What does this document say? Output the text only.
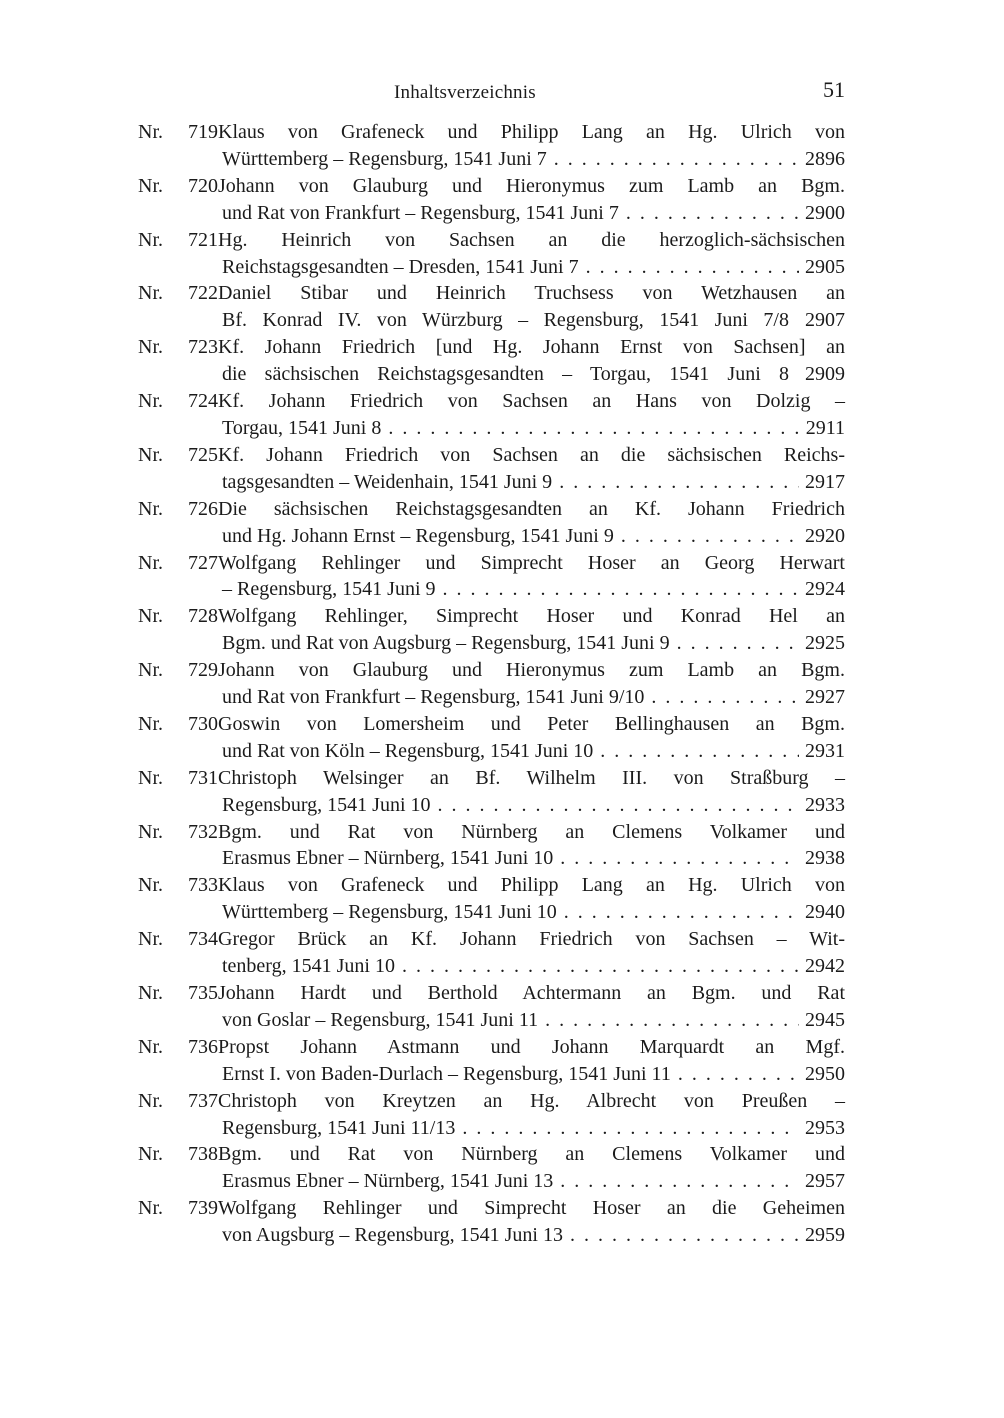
Inhaltsverzeichnis	51
Nr. 719Klaus von Grafeneck und Philipp Lang an Hg. Ulrich von
Württemberg – Regensburg, 1541 Juni 7 .....	2896
Nr. 720Johann von Glauburg und Hieronymus zum Lamb an Bgm.
und Rat von Frankfurt – Regensburg, 1541 Juni 7 .....	2900
Nr. 721Hg. Heinrich von Sachsen an die herzoglich-sächsischen
Reichstagsgesandten – Dresden, 1541 Juni 7 .....	2905
Nr. 722Daniel Stibar und Heinrich Truchsess von Wetzhausen an
Bf. Konrad IV. von Würzburg – Regensburg, 1541 Juni 7/8 2907
Nr. 723Kf. Johann Friedrich [und Hg. Johann Ernst von Sachsen] an
die sächsischen Reichstagsgesandten – Torgau, 1541 Juni 8 2909
Nr. 724Kf. Johann Friedrich von Sachsen an Hans von Dolzig –
Torgau, 1541 Juni 8 .....	2911
Nr. 725Kf. Johann Friedrich von Sachsen an die sächsischen Reichs-
tagsgesandten – Weidenhain, 1541 Juni 9 .....	2917
Nr. 726Die sächsischen Reichstagsgesandten an Kf. Johann Friedrich
und Hg. Johann Ernst – Regensburg, 1541 Juni 9 .....	2920
Nr. 727Wolfgang Rehlinger und Simprecht Hoser an Georg Herwart
– Regensburg, 1541 Juni 9 .....	2924
Nr. 728Wolfgang Rehlinger, Simprecht Hoser und Konrad Hel an
Bgm. und Rat von Augsburg – Regensburg, 1541 Juni 9 .....	2925
Nr. 729Johann von Glauburg und Hieronymus zum Lamb an Bgm.
und Rat von Frankfurt – Regensburg, 1541 Juni 9/10 .....	2927
Nr. 730Goswin von Lomersheim und Peter Bellinghausen an Bgm.
und Rat von Köln – Regensburg, 1541 Juni 10 .....	2931
Nr. 731Christoph Welsinger an Bf. Wilhelm III. von Straßburg –
Regensburg, 1541 Juni 10 .....	2933
Nr. 732Bgm. und Rat von Nürnberg an Clemens Volkamer und
Erasmus Ebner – Nürnberg, 1541 Juni 10 .....	2938
Nr. 733Klaus von Grafeneck und Philipp Lang an Hg. Ulrich von
Württemberg – Regensburg, 1541 Juni 10 .....	2940
Nr. 734Gregor Brück an Kf. Johann Friedrich von Sachsen – Wit-
tenberg, 1541 Juni 10 .....	2942
Nr. 735Johann Hardt und Berthold Achtermann an Bgm. und Rat
von Goslar – Regensburg, 1541 Juni 11 .....	2945
Nr. 736Propst Johann Astmann und Johann Marquardt an Mgf.
Ernst I. von Baden-Durlach – Regensburg, 1541 Juni 11 .....	2950
Nr. 737Christoph von Kreytzen an Hg. Albrecht von Preußen –
Regensburg, 1541 Juni 11/13 .....	2953
Nr. 738Bgm. und Rat von Nürnberg an Clemens Volkamer und
Erasmus Ebner – Nürnberg, 1541 Juni 13 .....	2957
Nr. 739Wolfgang Rehlinger und Simprecht Hoser an die Geheimen
von Augsburg – Regensburg, 1541 Juni 13 .....	2959
